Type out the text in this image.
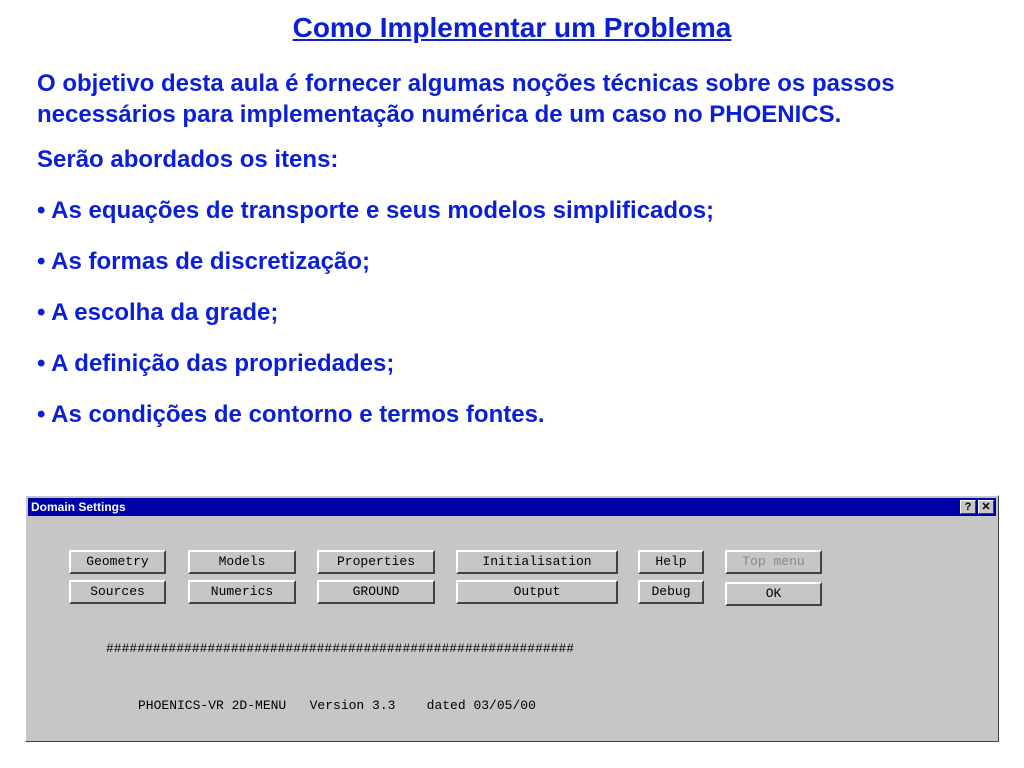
Como Implementar um Problema

O objetivo desta aula é fornecer algumas noções técnicas sobre os passos necessários para implementação numérica de um caso no PHOENICS.

Serão abordados os itens:

• As equações de transporte e seus modelos simplificados;

• As formas de discretização;

• A escolha da grade;

• A definição das propriedades;

• As condições de contorno e termos fontes.

Domain Settings	? ✕
Geometry	Models	Properties	Initialisation	Help	Top menu
Sources	Numerics	GROUND	Output	Debug	OK
############################################################
PHOENICS-VR 2D-MENU   Version 3.3    dated 03/05/00
